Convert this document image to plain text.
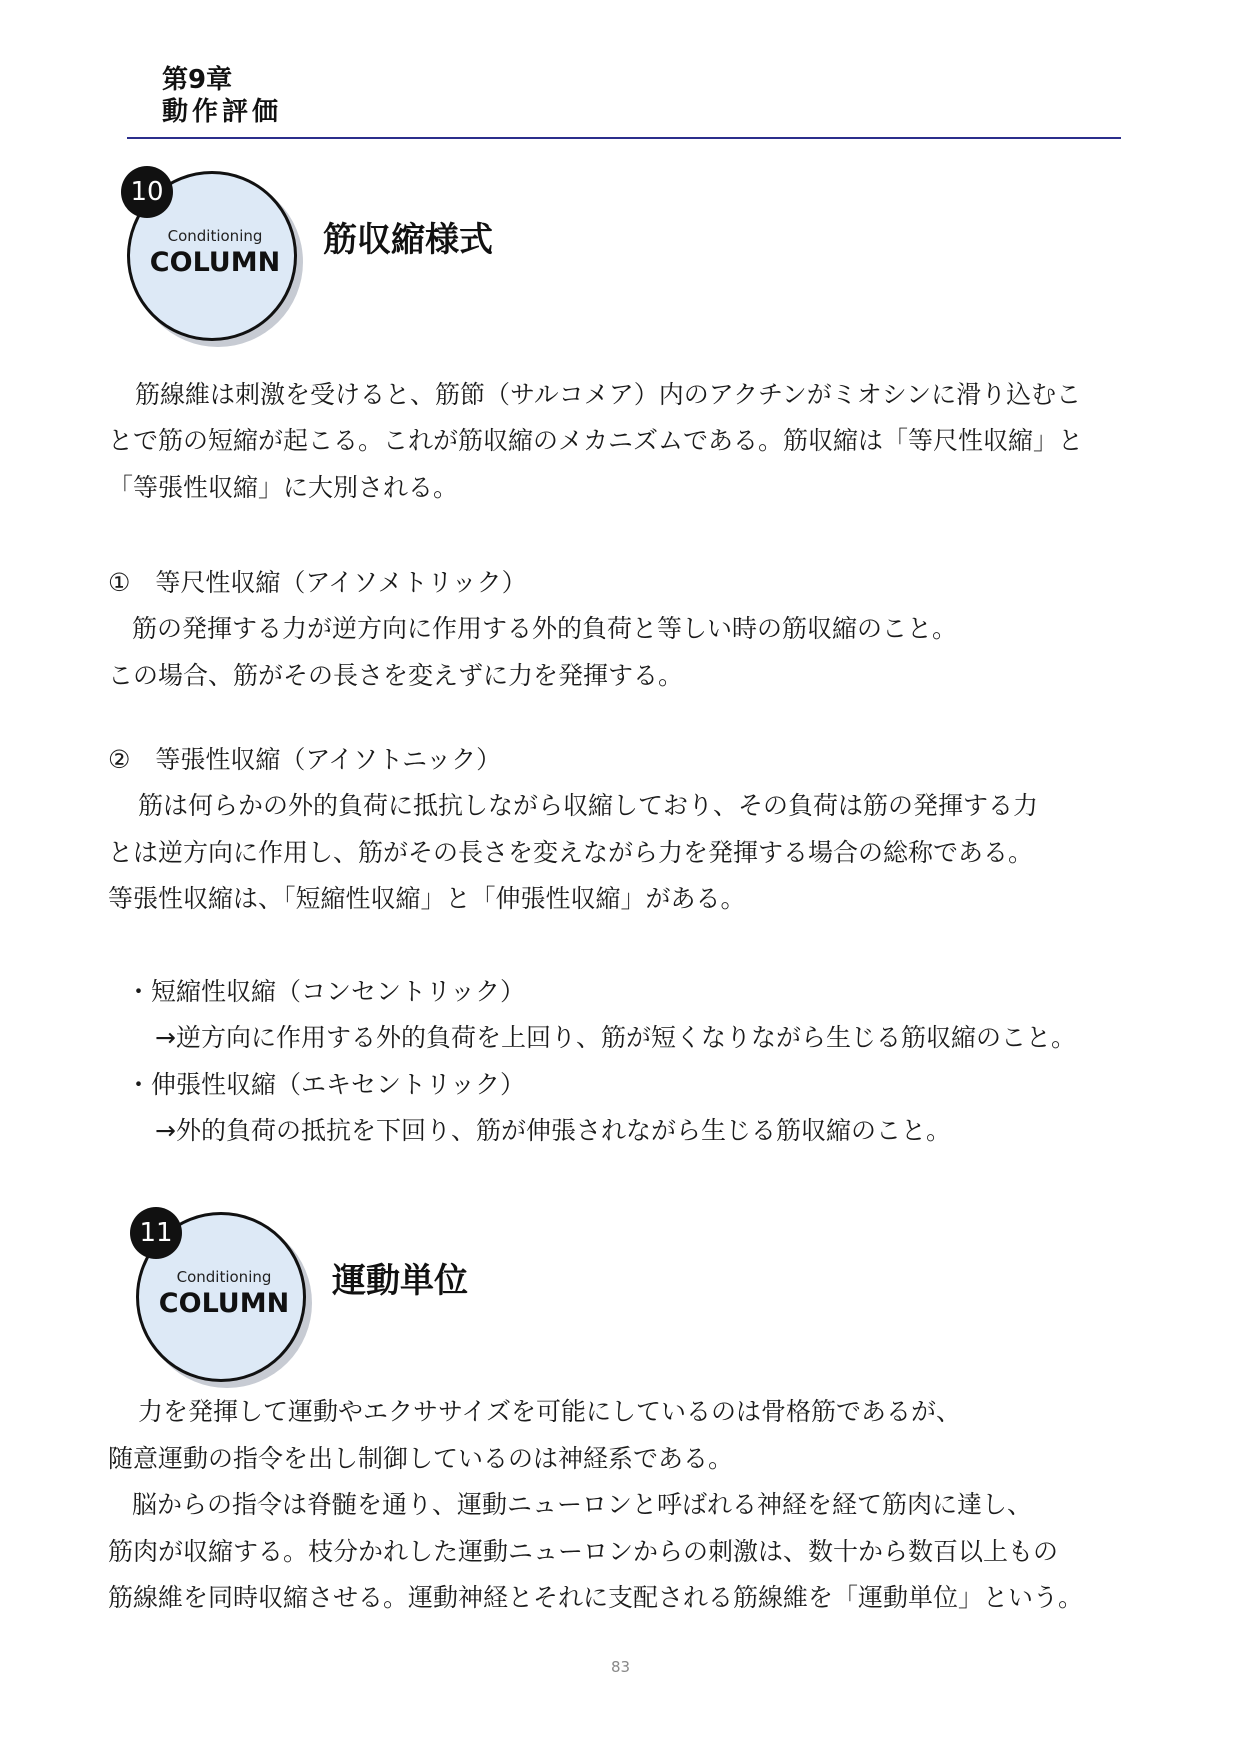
第9章
動作評価
Conditioning
COLUMN
10
筋収縮様式
筋線維は刺激を受けると、筋節（サルコメア）内のアクチンがミオシンに滑り込むこ
とで筋の短縮が起こる。これが筋収縮のメカニズムである。筋収縮は「等尺性収縮」と
「等張性収縮」に大別される。
①　等尺性収縮（アイソメトリック）
筋の発揮する力が逆方向に作用する外的負荷と等しい時の筋収縮のこと。
この場合、筋がその長さを変えずに力を発揮する。
②　等張性収縮（アイソトニック）
筋は何らかの外的負荷に抵抗しながら収縮しており、その負荷は筋の発揮する力
とは逆方向に作用し、筋がその長さを変えながら力を発揮する場合の総称である。
等張性収縮は、「短縮性収縮」と「伸張性収縮」がある。
・短縮性収縮（コンセントリック）
→逆方向に作用する外的負荷を上回り、筋が短くなりながら生じる筋収縮のこと。
・伸張性収縮（エキセントリック）
→外的負荷の抵抗を下回り、筋が伸張されながら生じる筋収縮のこと。
Conditioning
COLUMN
11
運動単位
力を発揮して運動やエクササイズを可能にしているのは骨格筋であるが、
随意運動の指令を出し制御しているのは神経系である。
脳からの指令は脊髄を通り、運動ニューロンと呼ばれる神経を経て筋肉に達し、
筋肉が収縮する。枝分かれした運動ニューロンからの刺激は、数十から数百以上もの
筋線維を同時収縮させる。運動神経とそれに支配される筋線維を「運動単位」という。
83
